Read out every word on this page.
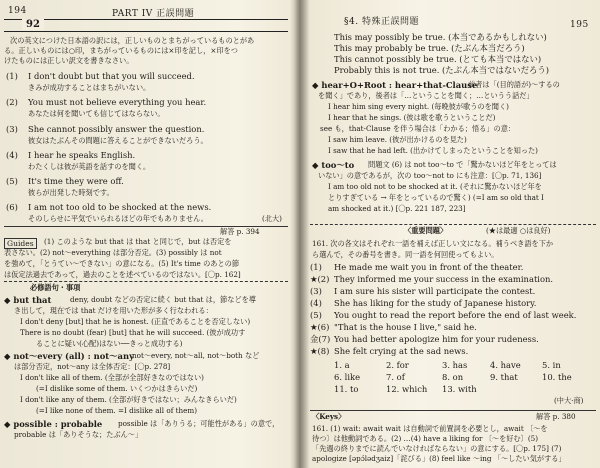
194	PART IV 正誤問題
92
次の英文につけた日本語の訳には，正しいものとまちがっているものとがあ
る。正しいものには○印，まちがっているものには×印を記し，×印をつ
けたものには正しい訳文を書きなさい。
(1) I don't doubt but that you will succeed.
きみが成功することはまちがいない。
(2) You must not believe everything you hear.
あなたは何を聞いても信じてはならない。
(3) She cannot possibly answer the question.
彼女はたぶんその問題に答えることができないだろう。
(4) I hear he speaks English.
わたくしは彼が英語を話すのを聞く。
(5) It's time they were off.
彼らが出発した時刻です。
(6) I am not too old to be shocked at the news.
そのしらせに平気でいられるほどの年でもありません。	(北大)
解答 p. 394
Guides	(1) このような but that は that と同じで，but は否定を
表さない。(2) not〜everything は部分否定。(3) possibly は not
を強めて，「とうてい〜できない」の意になる。(5) It's time のあとの節
は仮定法過去であって，過去のことを述べているのではない。[〇p. 162]
必修語句・事項
◆ but that	deny, doubt などの否定に続く but that は，節などを導
き出して，現在では that だけを用いた形が多く行なわれる：
I don't deny [but] that he is honest. (正直であることを否定しない)
There is no doubt (fear) [but] that he will succeed. (彼が成功す
ることに疑い(心配)はない──きっと成功する)
◆ not〜every (all) : not〜any
not〜every, not〜all, not〜both など
は部分否定，not〜any は全体否定：[〇p. 278]
I don't like all of them. (全部が全部好きなのではない)
(=I dislike some of them. いくつかはきらいだ)
I don't like any of them. (全部が好きではない；みんなきらいだ)
(=I like none of them. =I dislike all of them)
◆ possible : probable possible は「ありうる；可能性がある」の意で，
probable は「ありそうな；たぶん〜」
§4. 特殊正誤問題	195
This may possibly be true. (本当であるかもしれない)
This may probably be true. (たぶん本当だろう)
This cannot possibly be true. (とても本当ではない)
Probably this is not true. (たぶん本当ではないだろう)
◆ hear+O+Root : hear+that-Clause
前者は「(目的語が)〜するの
を聞く」であり，後者は「…ということを聞く；…というう話だ」
I hear him sing every night. (毎晩彼が歌うのを聞く)
I hear that he sings. (彼は歌を歌うということだ)
see も，that-Clause を伴う場合は「わかる；悟る」の意：
I saw him leave. (彼が出かけるのを見た)
I saw that he had left. (出かけてしまったということを知った)
◆ too〜to 問題文 (6) は not too〜to で「驚かないほど年をとっては
いない」の意であるが，次の too〜not to にも注意：[〇p. 71, 136]
I am too old not to be shocked at it. (それに驚かないほど年を
とりすぎている → 年をとっているので驚く) (=I am so old that I
am shocked at it.) [〇p. 221 187, 223]
〈重要問題〉	(★は最適 ○は良好)
161. 次の各文はそれぞれ一語を補えば正しい文になる。補うべき語を下か
ら選んで，その番号を書き。同一語を何回使ってもよい。
(1) He made me wait you in front of the theater.
★(2) They informed me your success in the examination.
(3) I am sure his sister will participate the contest.
(4) She has liking for the study of Japanese history.
(5) You ought to read the report before the end of last week.
★(6) "That is the house I live," said he.
金(7) You had better apologize him for your rudeness.
★(8) She felt crying at the sad news.
1. a	2. for	3. has	4. have	5. in
6. like	7. of	8. on	9. that	10. the
11. to	12. which 13. with
(中大·商)
〈Keys〉	解答 p. 380
161. (1) wait: await wait は自動詞で前置詞を必要とし，await 〔〜を
待つ〕は他動詞である。(2) …(4) have a liking for 〔〜を好む〕(5)
「先週の終りまでに読んでいなければならない」の意にする。[〇p. 175] (7)
apologize [əpɔ́lədʒaiz]「詫びる」(8) feel like 〜ing 「〜したい気がする」
